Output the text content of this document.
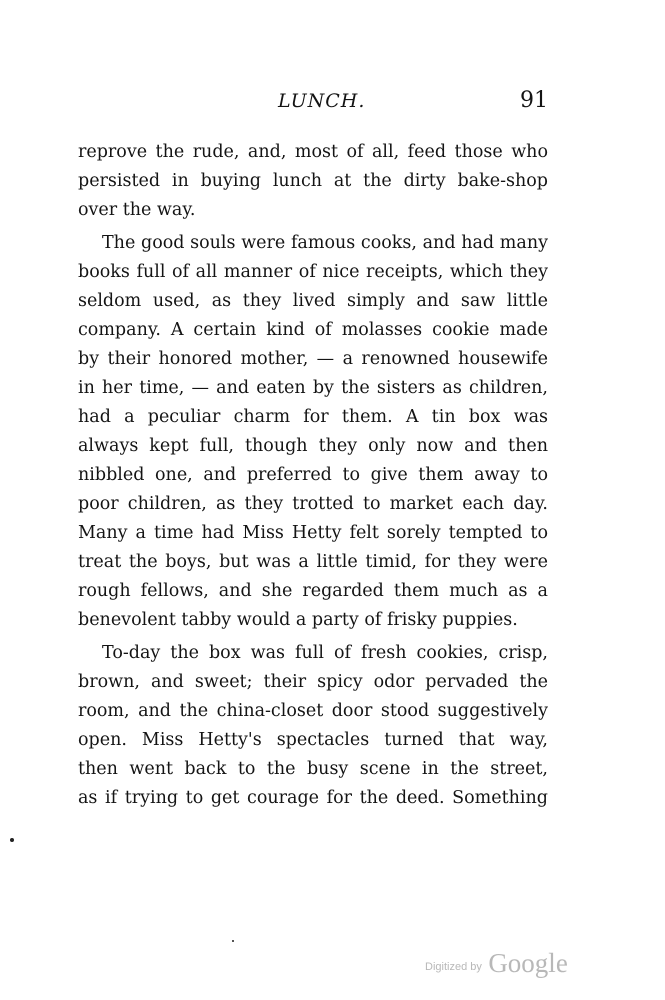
LUNCH.	91
reprove the rude, and, most of all, feed those who
persisted in buying lunch at the dirty bake-shop
over the way.
The good souls were famous cooks, and had many
books full of all manner of nice receipts, which they
seldom used, as they lived simply and saw little
company. A certain kind of molasses cookie made
by their honored mother, — a renowned housewife
in her time, — and eaten by the sisters as children,
had a peculiar charm for them. A tin box was
always kept full, though they only now and then
nibbled one, and preferred to give them away to
poor children, as they trotted to market each day.
Many a time had Miss Hetty felt sorely tempted to
treat the boys, but was a little timid, for they were
rough fellows, and she regarded them much as a
benevolent tabby would a party of frisky puppies.
To-day the box was full of fresh cookies, crisp,
brown, and sweet; their spicy odor pervaded the
room, and the china-closet door stood suggestively
open. Miss Hetty's spectacles turned that way,
then went back to the busy scene in the street,
as if trying to get courage for the deed. Something
Digitized by Google
